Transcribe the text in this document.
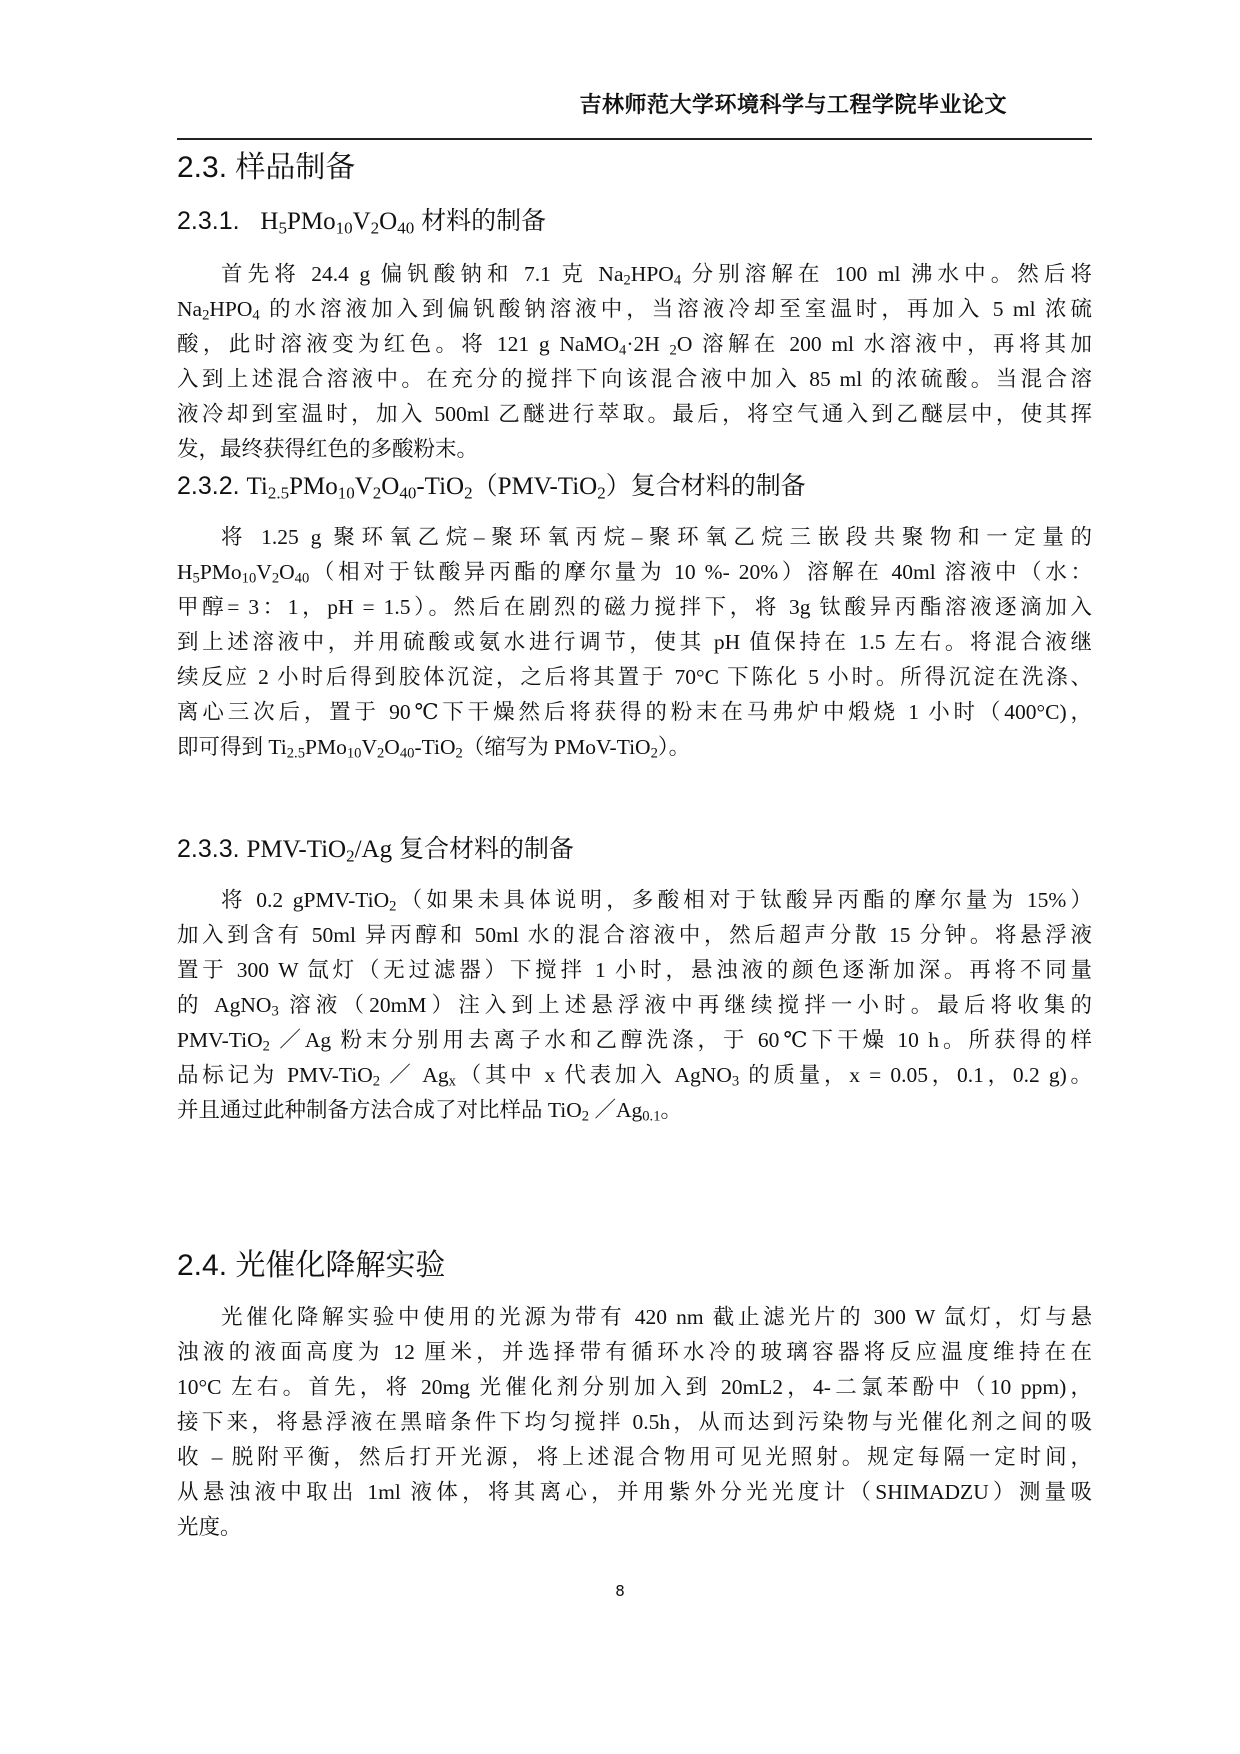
吉林师范大学环境科学与工程学院毕业论文
2.3. 样品制备
2.3.1. $H_5PMo_{10}V_2O_{40}$ 材料的制备
首先将 24.4 g 偏钒酸钠和 7.1 克 $Na_2HPO_4$ 分别溶解在 100 ml 沸水中。然后将
$Na_2HPO_4$ 的水溶液加入到偏钒酸钠溶液中，当溶液冷却至室温时，再加入 5 ml 浓硫
酸，此时溶液变为红色。将 121 g NaMO$_4$·2H $_2$O 溶解在 200 ml 水溶液中，再将其加
入到上述混合溶液中。在充分的搅拌下向该混合液中加入 85 ml 的浓硫酸。当混合溶
液冷却到室温时，加入 500ml 乙醚进行萃取。最后，将空气通入到乙醚层中，使其挥
发，最终获得红色的多酸粉末。
2.3.2. $Ti_{2.5}PMo_{10}V_2O_{40}-TiO_2(PMV-TiO_2)$复合材料的制备
将 1.25 g 聚环氧乙烷–聚环氧丙烷–聚环氧乙烷三嵌段共聚物和一定量的
$H_5PMo_{10}V_2O_{40}$（相对于钛酸异丙酯的摩尔量为 10 %- 20%）溶解在 40ml 溶液中（水：
甲醇= 3：1，pH = 1.5）。然后在剧烈的磁力搅拌下，将 3g 钛酸异丙酯溶液逐滴加入
到上述溶液中，并用硫酸或氨水进行调节，使其 pH 值保持在 1.5 左右。将混合液继
续反应 2 小时后得到胶体沉淀，之后将其置于 70°C 下陈化 5 小时。所得沉淀在洗涤、
离心三次后，置于 90℃下干燥然后将获得的粉末在马弗炉中煅烧 1 小时（400°C)，
即可得到 $Ti_{2.5}PMo_{10}V_2O_{40}-TiO_2$（缩写为 PMoV-TiO$_2$）。
2.3.3. PMV-TiO$_2$/Ag 复合材料的制备
将 0.2 gPMV-TiO$_2$（如果未具体说明，多酸相对于钛酸异丙酯的摩尔量为 15%）
加入到含有 50ml 异丙醇和 50ml 水的混合溶液中，然后超声分散 15 分钟。将悬浮液
置于 300 W 氙灯（无过滤器）下搅拌 1 小时，悬浊液的颜色逐渐加深。再将不同量
的 AgNO$_3$ 溶液（20mM）注入到上述悬浮液中再继续搅拌一小时。最后将收集的
PMV-TiO$_2$ ／Ag 粉末分别用去离子水和乙醇洗涤，于 60℃下干燥 10 h。所获得的样
品标记为 PMV-TiO$_2$ ／ $Ag_x$（其中 x 代表加入 AgNO$_3$ 的质量，x = 0.05，0.1，0.2 g)。
并且通过此种制备方法合成了对比样品 TiO$_2$ $/Ag_{0.1}$。
2.4. 光催化降解实验
光催化降解实验中使用的光源为带有 420 nm 截止滤光片的 300 W 氙灯，灯与悬
浊液的液面高度为 12 厘米，并选择带有循环水冷的玻璃容器将反应温度维持在在
10°C 左右。首先，将 20mg 光催化剂分别加入到 20mL2，4-二氯苯酚中（10 ppm)，
接下来，将悬浮液在黑暗条件下均匀搅拌 0.5h，从而达到污染物与光催化剂之间的吸
收 – 脱附平衡，然后打开光源，将上述混合物用可见光照射。规定每隔一定时间，
从悬浊液中取出 1ml 液体，将其离心，并用紫外分光光度计（SHIMADZU）测量吸
光度。
8
